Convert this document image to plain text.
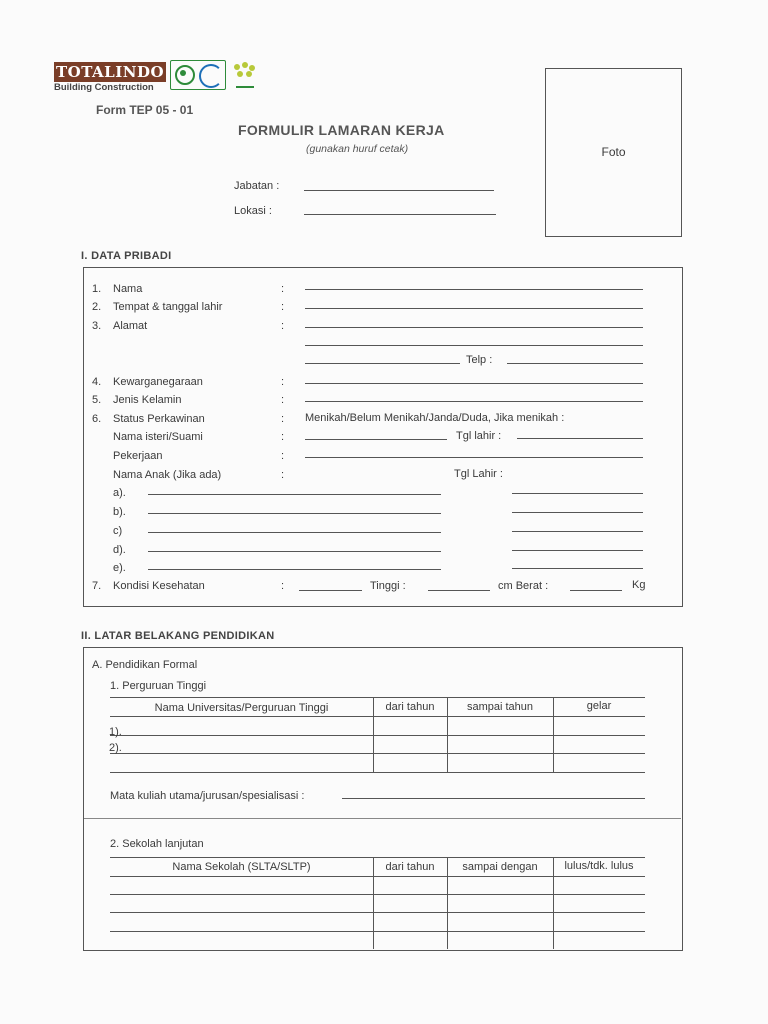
TOTALINDO
Building Construction
Form TEP 05 - 01
FORMULIR LAMARAN KERJA
(gunakan huruf cetak)	Foto
Jabatan :
Lokasi :
I. DATA PRIBADI
1. Nama	:
2. Tempat & tanggal lahir	:
3. Alamat	:
Telp :
4. Kewarganegaraan	:
5. Jenis Kelamin	:
6. Status Perkawinan	: Menikah/Belum Menikah/Janda/Duda, Jika menikah :
Nama isteri/Suami	:	Tgl lahir :
Pekerjaan	:
Nama Anak (Jika ada)	:	Tgl Lahir :
a).
b).
c)
d).
e).
7. Kondisi Kesehatan	:	Tinggi :	cm Berat :	Kg
II. LATAR BELAKANG PENDIDIKAN
A. Pendidikan Formal
1. Perguruan Tinggi
Nama Universitas/Perguruan Tinggi	dari tahun	sampai tahun	gelar
1).
2).
Mata kuliah utama/jurusan/spesialisasi :
2. Sekolah lanjutan
Nama Sekolah (SLTA/SLTP)	dari tahun	sampai dengan	lulus/tdk. lulus
